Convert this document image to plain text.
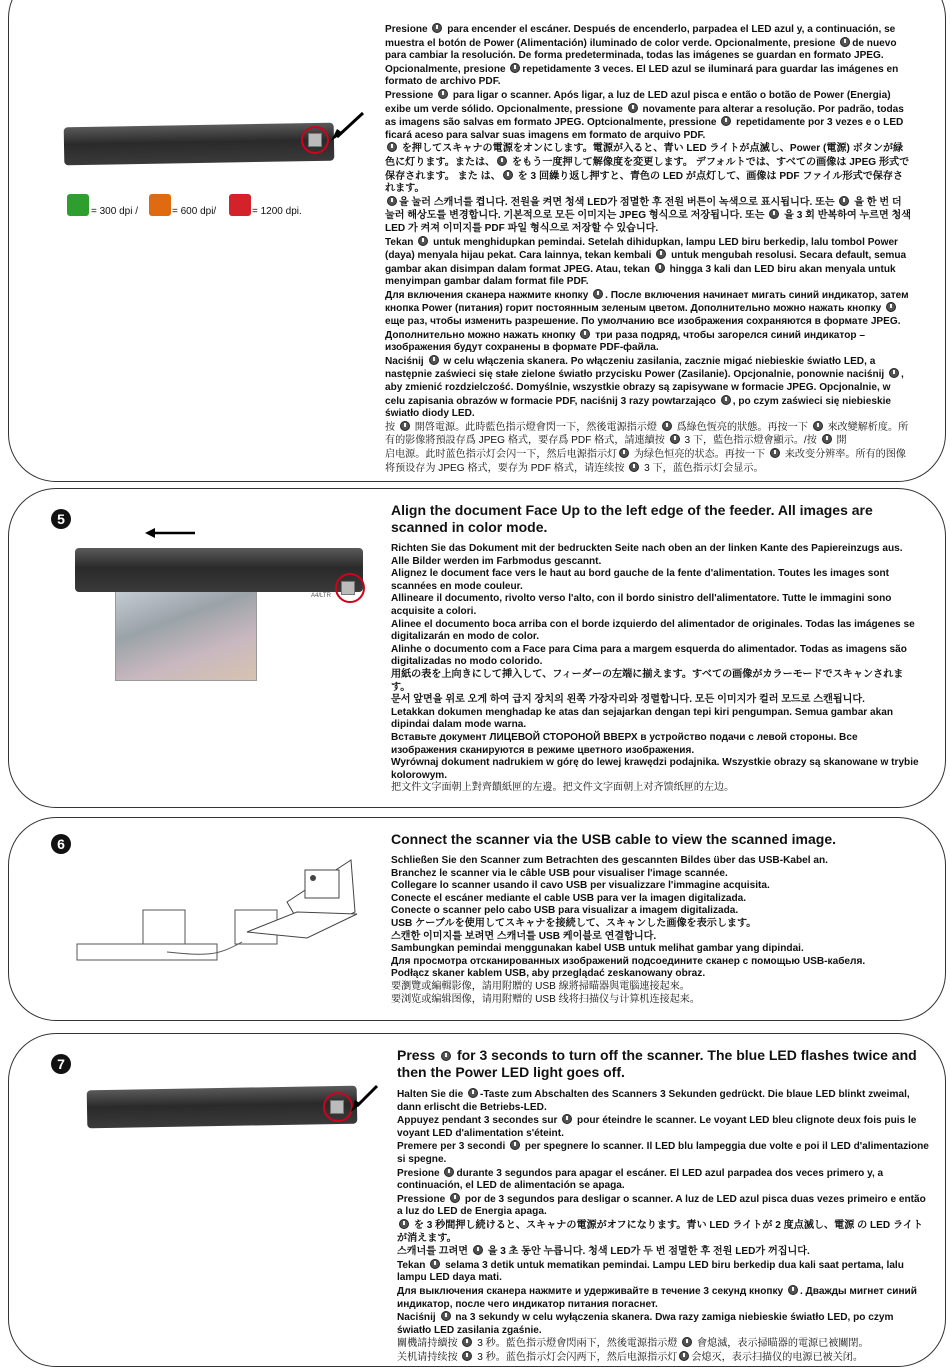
= 300 dpi /	= 600 dpi/	= 1200 dpi.

Presione para encender el escáner. Después de encenderlo, parpadea el LED azul y, a continuación, se muestra el botón de Power (Alimentación) iluminado de color verde. Opcionalmente, presione de nuevo para cambiar la resolución. De forma predeterminada, todas las imágenes se guardan en formato JPEG. Opcionalmente, presione repetidamente 3 veces. El LED azul se iluminará para guardar las imágenes en formato de archivo PDF.

Pressione para ligar o scanner. Após ligar, a luz de LED azul pisca e então o botão de Power (Energia) exibe um verde sólido. Opcionalmente, pressione novamente para alterar a resolução. Por padrão, todas as imagens são salvas em formato JPEG. Optcionalmente, pressione repetidamente por 3 vezes e o LED ficará aceso para salvar suas imagens em formato de arquivo PDF.

を押してスキャナの電源をオンにします。電源が入ると、青い LED ライトが点滅し、Power (電源) ボタンが緑色に灯ります。または、 をもう一度押して解像度を変更します。 デフォルトでは、すべての画像は JPEG 形式で保存されます。 また は、 を 3 回繰り返し押すと、青色の LED が点灯して、画像は PDF ファイル形式で保存されます。

을 눌러 스캐너를 켭니다. 전원을 켜면 청색 LED가 점멸한 후 전원 버튼이 녹색으로 표시됩니다. 또는 을 한 번 더 눌러 해상도를 변경합니다. 기본적으로 모든 이미지는 JPEG 형식으로 저장됩니다. 또는 을 3 회 반복하여 누르면 청색 LED 가 켜져 이미지를 PDF 파일 형식으로 저장할 수 있습니다.

Tekan untuk menghidupkan pemindai. Setelah dihidupkan, lampu LED biru berkedip, lalu tombol Power (daya) menyala hijau pekat. Cara lainnya, tekan kembali untuk mengubah resolusi. Secara default, semua gambar akan disimpan dalam format JPEG. Atau, tekan hingga 3 kali dan LED biru akan menyala untuk menyimpan gambar dalam format file PDF.

Для включения сканера нажмите кнопку . После включения начинает мигать синий индикатор, затем кнопка Power (питания) горит постоянным зеленым цветом. Дополнительно можно нажать кнопку  еще раз, чтобы изменить разрешение. По умолчанию все изображения сохраняются в формате JPEG. Дополнительно можно нажать кнопку три раза подряд, чтобы загорелся синий индикатор – изображения будут сохранены в формате PDF-файла.

Naciśnij w celu włączenia skanera. Po włączeniu zasilania, zacznie migać niebieskie światło LED, a następnie zaświeci się stałe zielone światło przycisku Power (Zasilanie). Opcjonalnie, ponownie naciśnij , aby zmienić rozdzielczość. Domyślnie, wszystkie obrazy są zapisywane w formacie JPEG. Opcjonalnie, w celu zapisania obrazów w formacie PDF, naciśnij 3 razy powtarzająco , po czym zaświeci się niebieskie światło diody LED.

按 開啓電源。此時藍色指示燈會閃一下，然後電源指示燈 爲綠色恆亮的狀態。再按一下 來改變解析度。所有的影像將預設存爲 JPEG 格式，要存爲 PDF 格式，請連續按 3 下，藍色指示燈會顯示。/按 開

启电源。此时蓝色指示灯会闪一下，然后电源指示灯 为绿色恒亮的状态。再按一下 来改变分辨率。所有的图像将预设存为 JPEG 格式，要存为 PDF 格式，请连续按 3 下，蓝色指示灯会显示。

5
A4/LTR

Align the document Face Up to the left edge of the feeder. All images are scanned in color mode.

Richten Sie das Dokument mit der bedruckten Seite nach oben an der linken Kante des Papiereinzugs aus. Alle Bilder werden im Farbmodus gescannt.

Alignez le document face vers le haut au bord gauche de la fente d'alimentation. Toutes les images sont scannées en mode couleur.

Allineare il documento, rivolto verso l'alto, con il bordo sinistro dell'alimentatore. Tutte le immagini sono acquisite a colori.

Alinee el documento boca arriba con el borde izquierdo del alimentador de originales. Todas las imágenes se digitalizarán en modo de color.

Alinhe o documento com a Face para Cima para a margem esquerda do alimentador. Todas as imagens são digitalizadas no modo colorido.

用紙の表を上向きにして挿入して、フィーダーの左端に揃えます。すべての画像がカラーモードでスキャンされます。

문서 앞면을 위로 오게 하여 급지 장치의 왼쪽 가장자리와 정렬합니다. 모든 이미지가 컬러 모드로 스캔됩니다.

Letakkan dokumen menghadap ke atas dan sejajarkan dengan tepi kiri pengumpan. Semua gambar akan dipindai dalam mode warna.

Вставьте документ ЛИЦЕВОЙ СТОРОНОЙ ВВЕРХ в устройство подачи с левой стороны. Все изображения сканируются в режиме цветного изображения.

Wyrównaj dokument nadrukiem w górę do lewej krawędzi podajnika. Wszystkie obrazy są skanowane w trybie kolorowym.

把文件文字面朝上對齊饋紙匣的左邊。把文件文字面朝上对齐馈纸匣的左边。

6	Connect the scanner via the USB cable to view the scanned image.

Schließen Sie den Scanner zum Betrachten des gescannten Bildes über das USB-Kabel an.

Branchez le scanner via le câble USB pour visualiser l'image scannée.

Collegare lo scanner usando il cavo USB per visualizzare l'immagine acquisita.

Conecte el escáner mediante el cable USB para ver la imagen digitalizada.

Conecte o scanner pelo cabo USB para visualizar a imagem digitalizada.

USB ケーブルを使用してスキャナを接続して、スキャンした画像を表示します。

스캔한 이미지를 보려면 스캐너를 USB 케이블로 연결합니다.

Sambungkan pemindai menggunakan kabel USB untuk melihat gambar yang dipindai.

Для просмотра отсканированных изображений подсоедините сканер с помощью USB-кабеля.

Podłącz skaner kablem USB, aby przeglądać zeskanowany obraz.

要瀏覽或編輯影像，請用附贈的 USB 線將掃瞄器與電腦連接起來。

要浏览或编辑图像，请用附赠的 USB 线将扫描仪与计算机连接起来。

7

Press for 3 seconds to turn off the scanner. The blue LED flashes twice and then the Power LED light goes off.

Halten Sie die -Taste zum Abschalten des Scanners 3 Sekunden gedrückt. Die blaue LED blinkt zweimal, dann erlischt die Betriebs-LED.

Appuyez pendant 3 secondes sur pour éteindre le scanner. Le voyant LED bleu clignote deux fois puis le voyant LED d'alimentation s'éteint.

Premere per 3 secondi per spegnere lo scanner. Il LED blu lampeggia due volte e poi il LED d'alimentazione si spegne.

Presione durante 3 segundos para apagar el escáner. El LED azul parpadea dos veces primero y, a continuación, el LED de alimentación se apaga.

Pressione por de 3 segundos para desligar o scanner. A luz de LED azul pisca duas vezes primeiro e então a luz do LED de Energia apaga.

を 3 秒間押し続けると、スキャナの電源がオフになります。青い LED ライトが 2 度点滅し、電源 の LED ライトが消えます。

스캐너를 끄려면 을 3 초 동안 누릅니다. 청색 LED가 두 번 점멸한 후 전원 LED가 꺼집니다.

Tekan selama 3 detik untuk mematikan pemindai. Lampu LED biru berkedip dua kali saat pertama, lalu lampu LED daya mati.

Для выключения сканера нажмите и удерживайте в течение 3 секунд кнопку . Дважды мигнет синий индикатор, после чего индикатор питания погаснет.

Naciśnij na 3 sekundy w celu wyłączenia skanera. Dwa razy zamiga niebieskie światło LED, po czym światło LED zasilania zgaśnie.

關機請持續按 3 秒。藍色指示燈會閃兩下，然後電源指示燈 會熄滅，表示掃瞄器的電源已被關閉。

关机请持续按 3 秒。蓝色指示灯会闪两下，然后电源指示灯 会熄灭，表示扫描仪的电源已被关闭。
